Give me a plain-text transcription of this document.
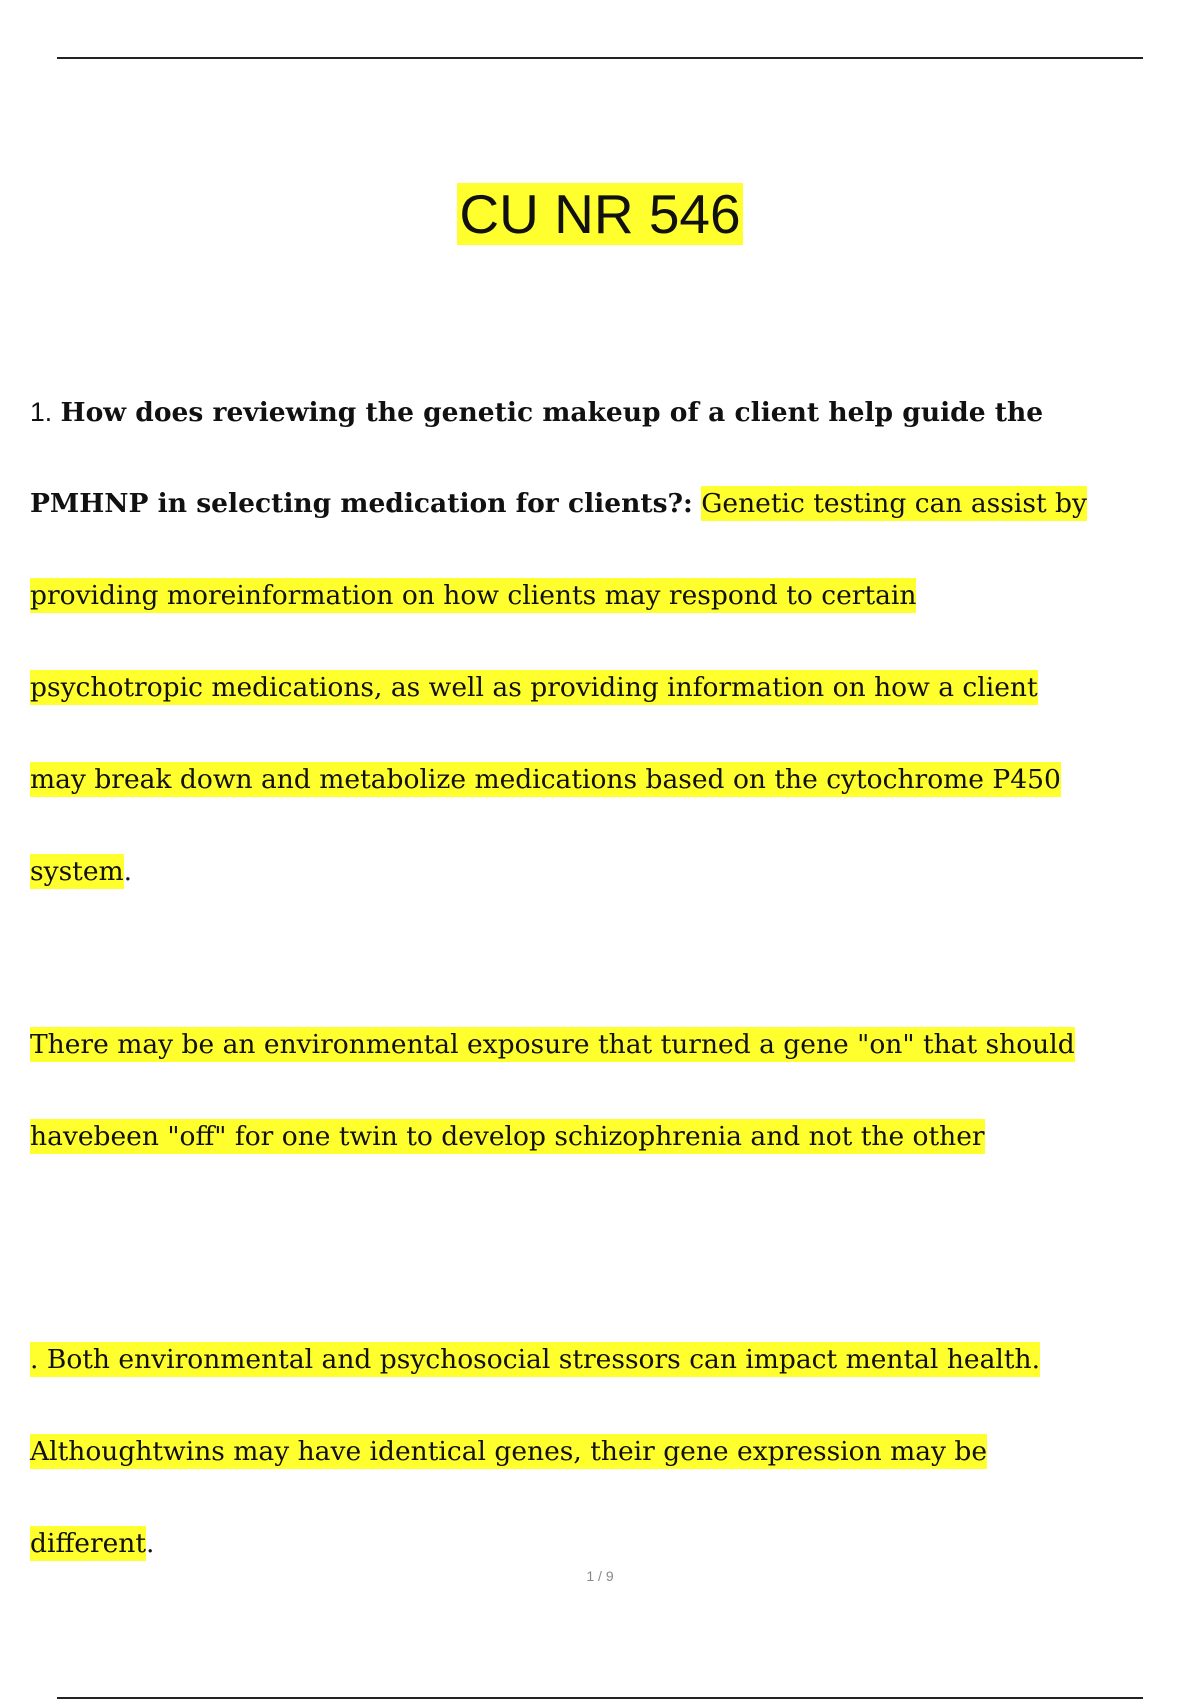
CU NR 546
1. How does reviewing the genetic makeup of a client help guide the
PMHNP in selecting medication for clients?: Genetic testing can assist by
providing moreinformation on how clients may respond to certain
psychotropic medications, as well as providing information on how a client
may break down and metabolize medications based on the cytochrome P450
system.
There may be an environmental exposure that turned a gene "on" that should
havebeen "off" for one twin to develop schizophrenia and not the other
. Both environmental and psychosocial stressors can impact mental health.
Althoughtwins may have identical genes, their gene expression may be
different.
1 / 9
